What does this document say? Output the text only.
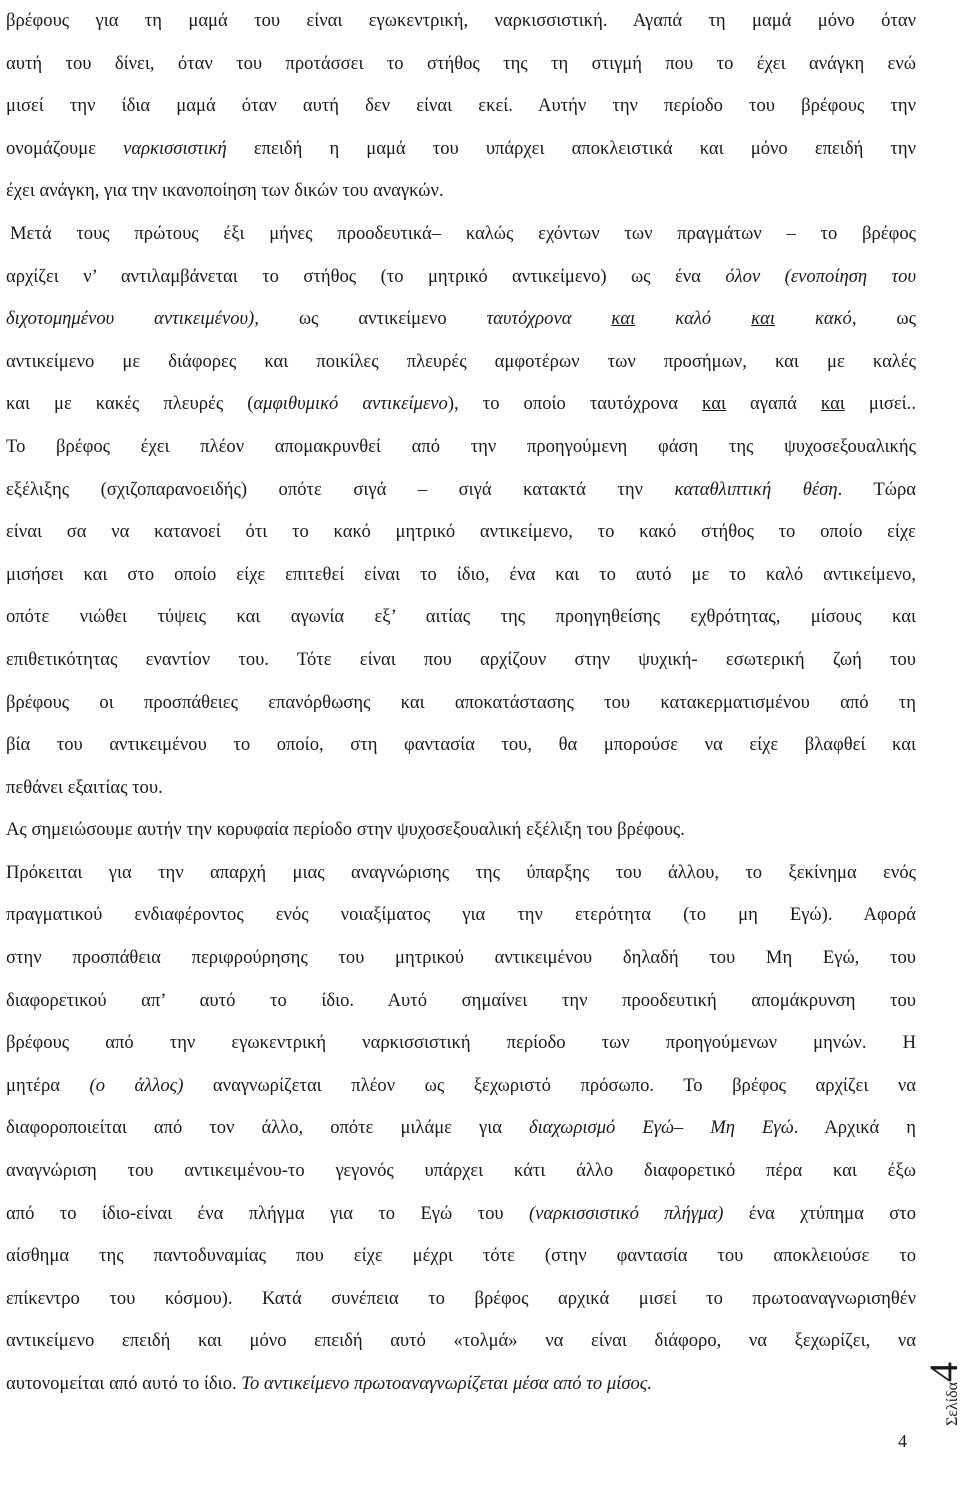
βρέφους για τη μαμά του είναι εγωκεντρική, ναρκισσιστική. Αγαπά τη μαμά μόνο όταν
αυτή του δίνει, όταν του προτάσσει το στήθος της τη στιγμή που το έχει ανάγκη ενώ
μισεί την ίδια μαμά όταν αυτή δεν είναι εκεί. Αυτήν την περίοδο του βρέφους την
ονομάζουμε ναρκισσιστική επειδή η μαμά του υπάρχει αποκλειστικά και μόνο επειδή την
έχει ανάγκη, για την ικανοποίηση των δικών του αναγκών.
Μετά τους πρώτους έξι μήνες προοδευτικά– καλώς εχόντων των πραγμάτων – το βρέφος
αρχίζει ν’ αντιλαμβάνεται το στήθος (το μητρικό αντικείμενο) ως ένα όλον (ενοποίηση του
διχοτομημένου αντικειμένου), ως αντικείμενο ταυτόχρονα και καλό και κακό, ως
αντικείμενο με διάφορες και ποικίλες πλευρές αμφοτέρων των προσήμων, και με καλές
και με κακές πλευρές (αμφιθυμικό αντικείμενο), το οποίο ταυτόχρονα και αγαπά και μισεί..
Το βρέφος έχει πλέον απομακρυνθεί από την προηγούμενη φάση της ψυχοσεξουαλικής
εξέλιξης (σχιζοπαρανοειδής) οπότε σιγά – σιγά κατακτά την καταθλιπτική θέση. Τώρα
είναι σα να κατανοεί ότι το κακό μητρικό αντικείμενο, το κακό στήθος το οποίο είχε
μισήσει και στο οποίο είχε επιτεθεί είναι το ίδιο, ένα και το αυτό με το καλό αντικείμενο,
οπότε νιώθει τύψεις και αγωνία εξ’ αιτίας της προηγηθείσης εχθρότητας, μίσους και
επιθετικότητας εναντίον του. Τότε είναι που αρχίζουν στην ψυχική- εσωτερική ζωή του
βρέφους οι προσπάθειες επανόρθωσης και αποκατάστασης του κατακερματισμένου από τη
βία του αντικειμένου το οποίο, στη φαντασία του, θα μπορούσε να είχε βλαφθεί και
πεθάνει εξαιτίας του.
Ας σημειώσουμε αυτήν την κορυφαία περίοδο στην ψυχοσεξουαλική εξέλιξη του βρέφους.
Πρόκειται για την απαρχή μιας αναγνώρισης της ύπαρξης του άλλου, το ξεκίνημα ενός
πραγματικού ενδιαφέροντος ενός νοιαξίματος για την ετερότητα (το μη Εγώ). Αφορά
στην προσπάθεια περιφρούρησης του μητρικού αντικειμένου δηλαδή του Μη Εγώ, του
διαφορετικού απ’ αυτό το ίδιο. Αυτό σημαίνει την προοδευτική απομάκρυνση του
βρέφους από την εγωκεντρική ναρκισσιστική περίοδο των προηγούμενων μηνών. Η
μητέρα (ο άλλος) αναγνωρίζεται πλέον ως ξεχωριστό πρόσωπο. Το βρέφος αρχίζει να
διαφοροποιείται από τον άλλο, οπότε μιλάμε για διαχωρισμό Εγώ– Μη Εγώ. Αρχικά η
αναγνώριση του αντικειμένου-το γεγονός υπάρχει κάτι άλλο διαφορετικό πέρα και έξω
από το ίδιο-είναι ένα πλήγμα για το Εγώ του (ναρκισσιστικό πλήγμα) ένα χτύπημα στο
αίσθημα της παντοδυναμίας που είχε μέχρι τότε (στην φαντασία του αποκλειούσε το
επίκεντρο του κόσμου). Κατά συνέπεια το βρέφος αρχικά μισεί το πρωτοαναγνωρισηθέν
αντικείμενο επειδή και μόνο επειδή αυτό «τολμά» να είναι διάφορο, να ξεχωρίζει, να
αυτονομείται από αυτό το ίδιο. Το αντικείμενο πρωτοαναγνωρίζεται μέσα από το μίσος.	Σελίδα4
4
